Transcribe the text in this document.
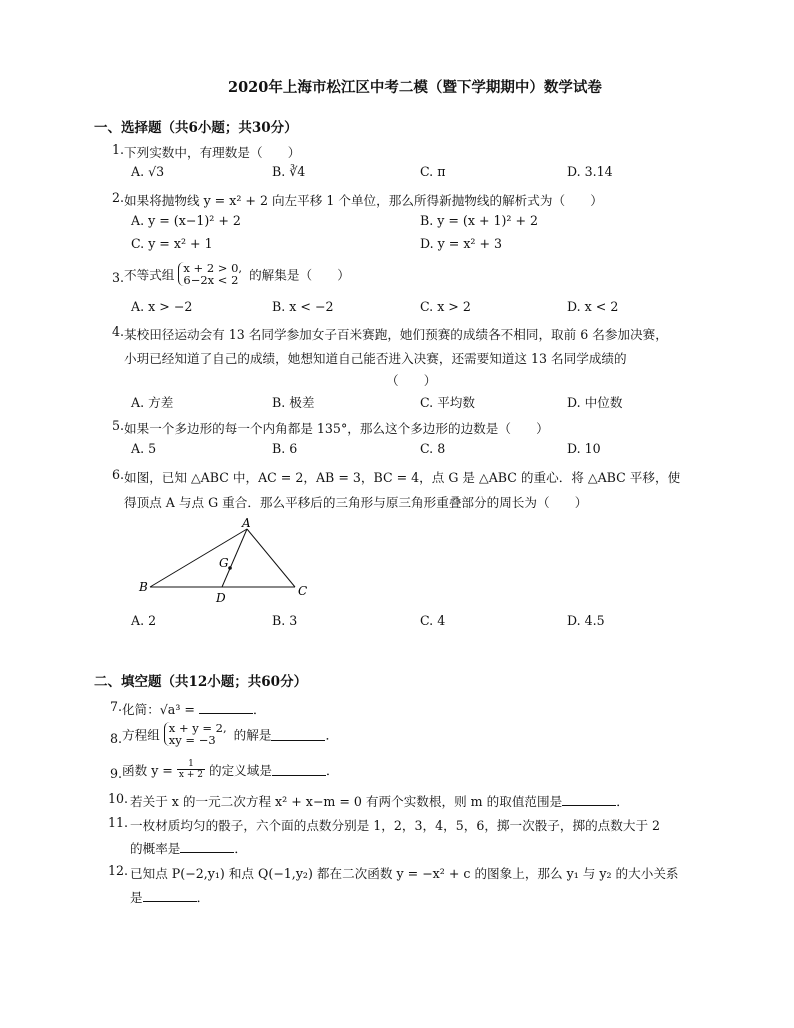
2020年上海市松江区中考二模（暨下学期期中）数学试卷
一、选择题（共6小题；共30分）
1. 下列实数中，有理数是（　　）
A. √3	B. ∛4	C. π	D. 3.14
2. 如果将抛物线 y = x² + 2 向左平移 1 个单位，那么所得新抛物线的解析式为（　　）
A. y = (x−1)² + 2	B. y = (x + 1)² + 2
C. y = x² + 1	D. y = x² + 3
3. 不等式组 x + 2 > 0,
6−2x < 2 的解集是（　　）
A. x > −2	B. x < −2	C. x > 2	D. x < 2
4. 某校田径运动会有 13 名同学参加女子百米赛跑，她们预赛的成绩各不相同，取前 6 名参加决赛，
小玥已经知道了自己的成绩，她想知道自己能否进入决赛，还需要知道这 13 名同学成绩的
（　　）
A. 方差	B. 极差	C. 平均数	D. 中位数
5. 如果一个多边形的每一个内角都是 135°，那么这个多边形的边数是（　　）
A. 5	B. 6	C. 8	D. 10
6. 如图，已知 △ABC 中，AC = 2，AB = 3，BC = 4，点 G 是 △ABC 的重心．将 △ABC 平移，使
得顶点 A 与点 G 重合．那么平移后的三角形与原三角形重叠部分的周长为（　　）
A
B	C
D
G
A. 2	B. 3	C. 4	D. 4.5
二、填空题（共12小题；共60分）
7. 化简：√a³ =	．
8. 方程组 x + y = 2,
xy = −3	的解是	．
9. 函数 $y = \frac{1}{x + 2}$ 的定义域是	．
10. 若关于 x 的一元二次方程 x² + x−m = 0 有两个实数根，则 m 的取值范围是	．
11. 一枚材质均匀的骰子，六个面的点数分别是 1，2，3，4，5，6，掷一次骰子，掷的点数大于 2
的概率是	．
12. 已知点 P(−2,y₁) 和点 Q(−1,y₂) 都在二次函数 y = −x² + c 的图象上，那么 y₁ 与 y₂ 的大小关系
是	．
